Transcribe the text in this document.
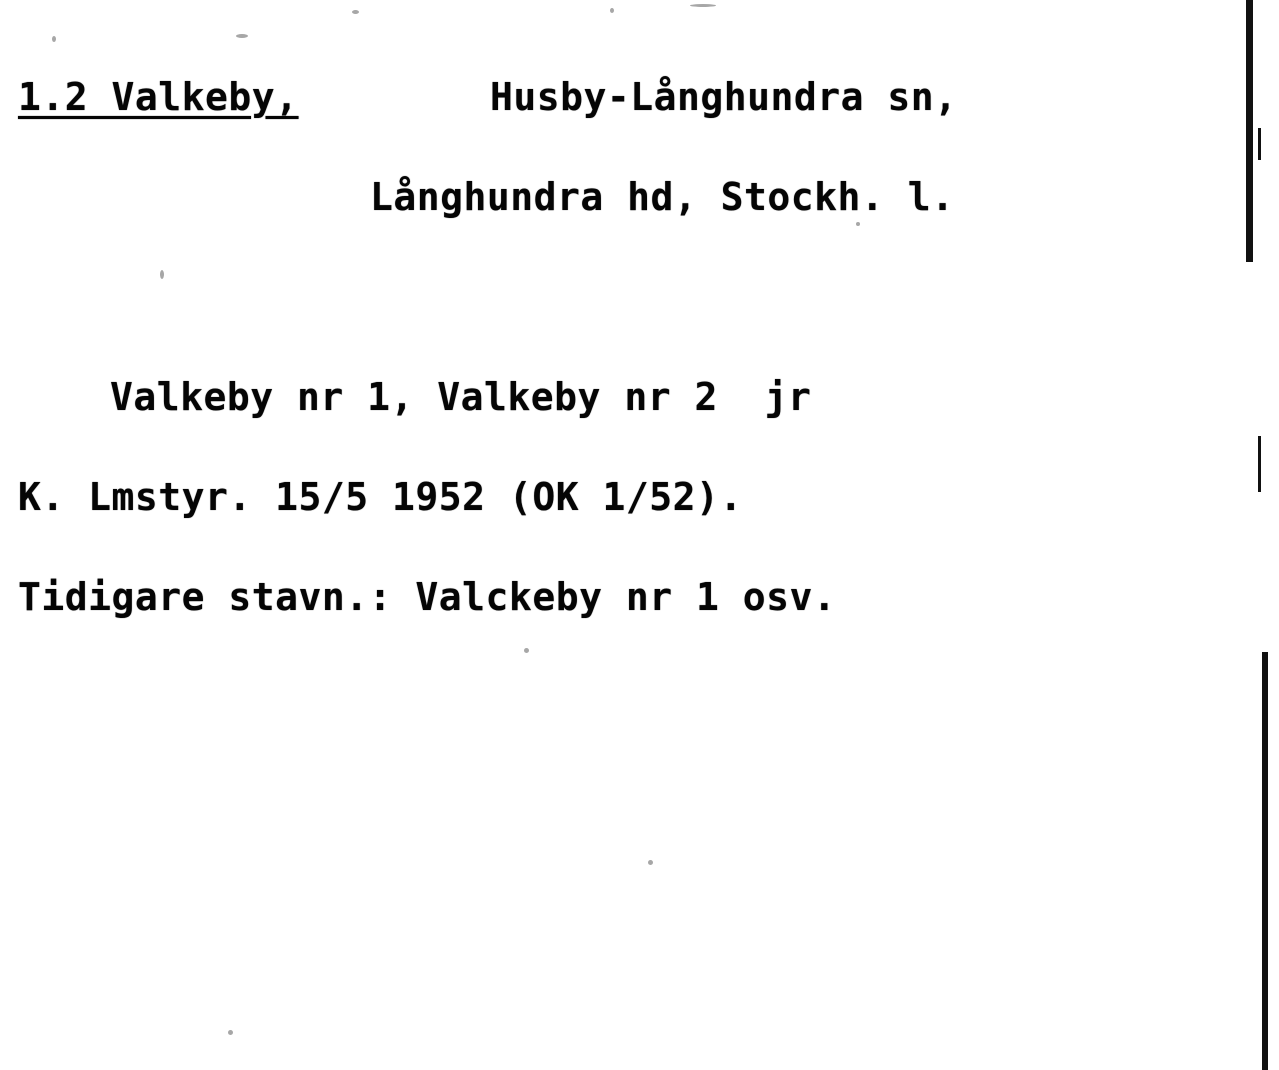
1.2 Valkeby,	Husby-Långhundra sn,
Långhundra hd, Stockh. l.
Valkeby nr 1, Valkeby nr 2  jr
K. Lmstyr. 15/5 1952 (OK 1/52).
Tidigare stavn.: Valckeby nr 1 osv.
